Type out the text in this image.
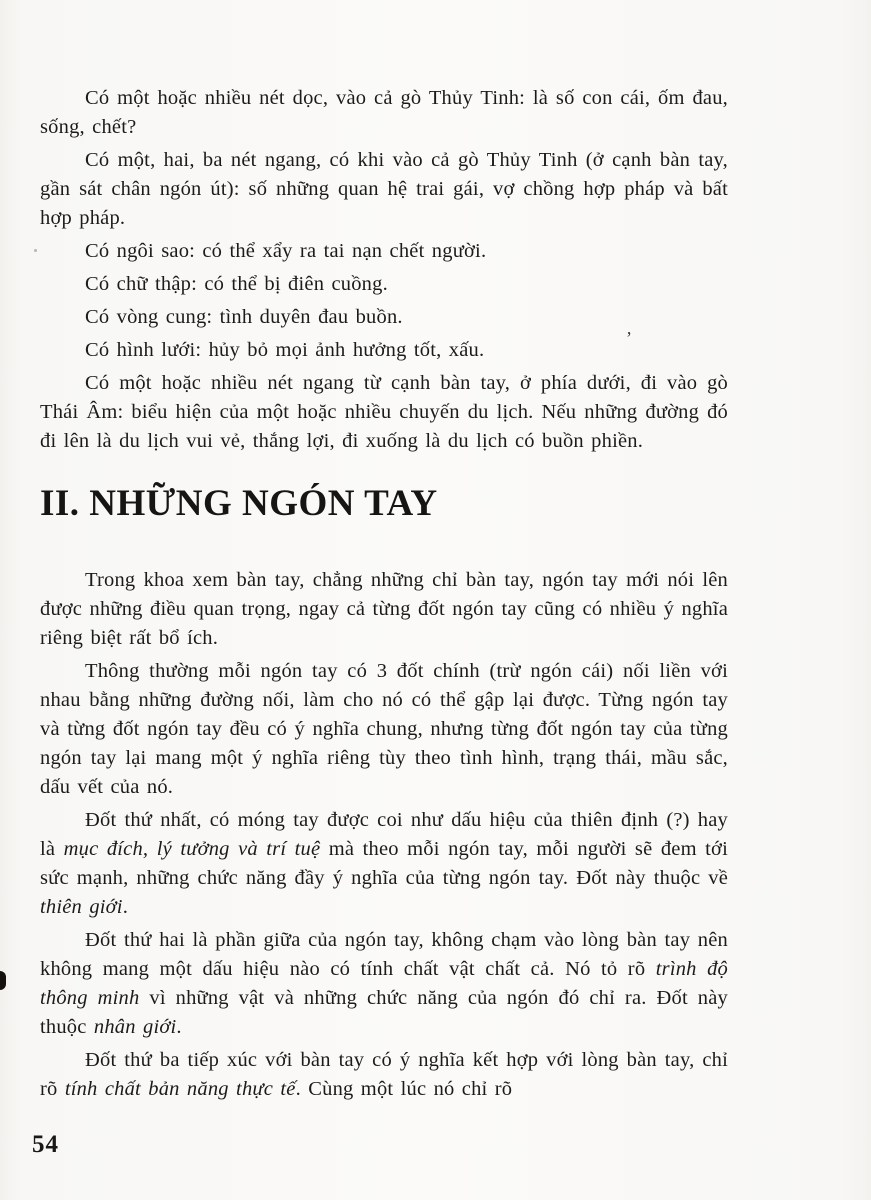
Có một hoặc nhiều nét dọc, vào cả gò Thủy Tinh: là số con cái, ốm đau, sống, chết?

Có một, hai, ba nét ngang, có khi vào cả gò Thủy Tinh (ở cạnh bàn tay, gần sát chân ngón út): số những quan hệ trai gái, vợ chồng hợp pháp và bất hợp pháp.

Có ngôi sao: có thể xẩy ra tai nạn chết người.

Có chữ thập: có thể bị điên cuồng.

Có vòng cung: tình duyên đau buồn.

Có hình lưới: hủy bỏ mọi ảnh hưởng tốt, xấu.

Có một hoặc nhiều nét ngang từ cạnh bàn tay, ở phía dưới, đi vào gò Thái Âm: biểu hiện của một hoặc nhiều chuyến du lịch. Nếu những đường đó đi lên là du lịch vui vẻ, thắng lợi, đi xuống là du lịch có buồn phiền.

II. NHỮNG NGÓN TAY

Trong khoa xem bàn tay, chẳng những chỉ bàn tay, ngón tay mới nói lên được những điều quan trọng, ngay cả từng đốt ngón tay cũng có nhiều ý nghĩa riêng biệt rất bổ ích.

Thông thường mỗi ngón tay có 3 đốt chính (trừ ngón cái) nối liền với nhau bằng những đường nối, làm cho nó có thể gập lại được. Từng ngón tay và từng đốt ngón tay đều có ý nghĩa chung, nhưng từng đốt ngón tay của từng ngón tay lại mang một ý nghĩa riêng tùy theo tình hình, trạng thái, mầu sắc, dấu vết của nó.

Đốt thứ nhất, có móng tay được coi như dấu hiệu của thiên định (?) hay là mục đích, lý tưởng và trí tuệ mà theo mỗi ngón tay, mỗi người sẽ đem tới sức mạnh, những chức năng đầy ý nghĩa của từng ngón tay. Đốt này thuộc về thiên giới.

Đốt thứ hai là phần giữa của ngón tay, không chạm vào lòng bàn tay nên không mang một dấu hiệu nào có tính chất vật chất cả. Nó tỏ rõ trình độ thông minh vì những vật và những chức năng của ngón đó chỉ ra. Đốt này thuộc nhân giới.

Đốt thứ ba tiếp xúc với bàn tay có ý nghĩa kết hợp với lòng bàn tay, chỉ rõ tính chất bản năng thực tế. Cùng một lúc nó chỉ rõ

54
’
